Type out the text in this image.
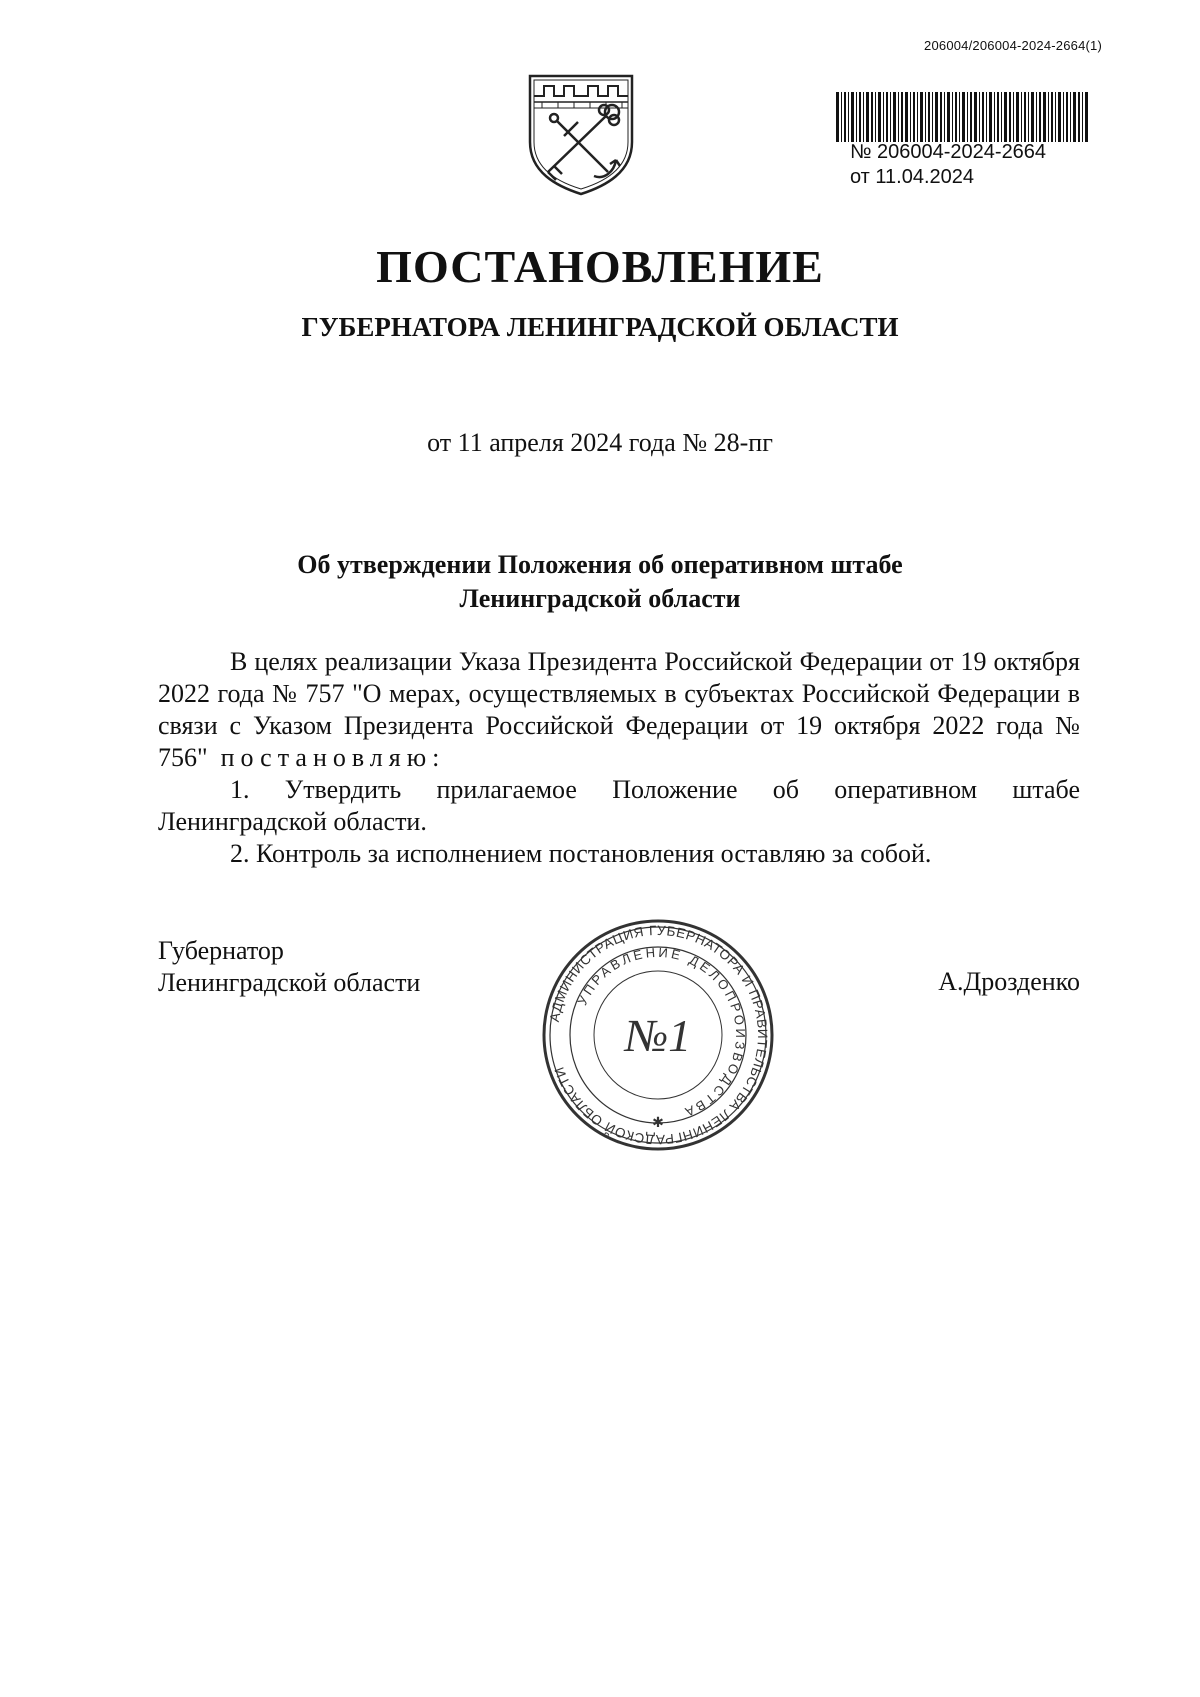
206004/206004-2024-2664(1)
№ 206004-2024-2664
от 11.04.2024
ПОСТАНОВЛЕНИЕ
ГУБЕРНАТОРА ЛЕНИНГРАДСКОЙ ОБЛАСТИ
от 11 апреля 2024 года № 28-пг
Об утверждении Положения об оперативном штабе
Ленинградской области

В целях реализации Указа Президента Российской Федерации от 19 октября 2022 года № 757 "О мерах, осуществляемых в субъектах Российской Федерации в связи с Указом Президента Российской Федерации от 19 октября 2022 года № 756" постановляю:

1. Утвердить прилагаемое Положение об оперативном штабе Ленинградской области.

2. Контроль за исполнением постановления оставляю за собой.

Губернатор
Ленинградской области	А.Дрозденко
АДМИНИСТРАЦИЯ ГУБЕРНАТОРА И ПРАВИТЕЛЬСТВА ЛЕНИНГРАДСКОЙ ОБЛАСТИ
УПРАВЛЕНИЕ ДЕЛОПРОИЗВОДСТВА
№1
✱
